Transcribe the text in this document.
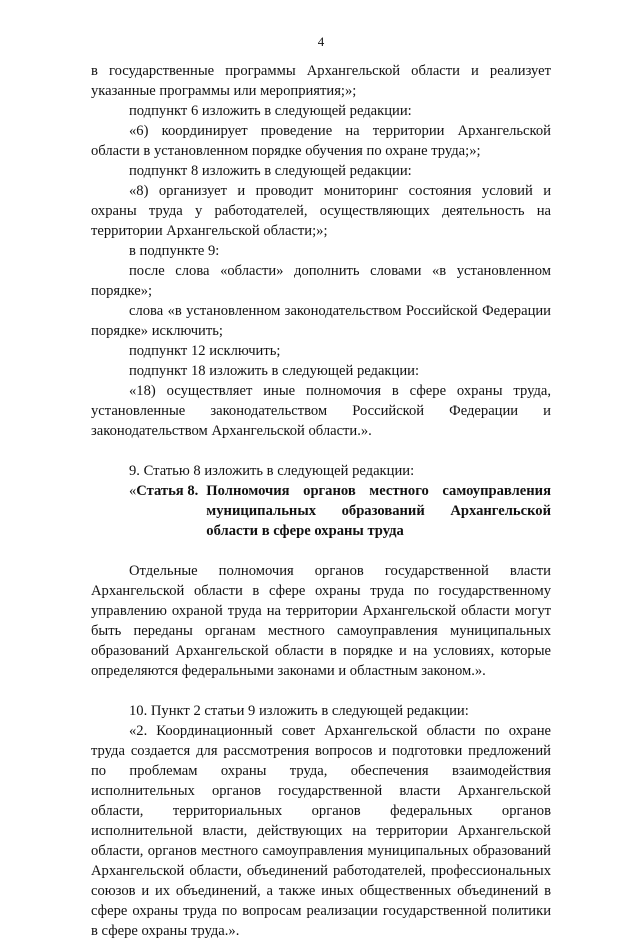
4

в государственные программы Архангельской области и реализует указанные программы или мероприятия;»;

подпункт 6 изложить в следующей редакции:

«6) координирует проведение на территории Архангельской области в установленном порядке обучения по охране труда;»;

подпункт 8 изложить в следующей редакции:

«8) организует и проводит мониторинг состояния условий и охраны труда у работодателей, осуществляющих деятельность на территории Архангельской области;»;

в подпункте 9:

после слова «области» дополнить словами «в установленном порядке»;

слова «в установленном законодательством Российской Федерации порядке» исключить;

подпункт 12 исключить;

подпункт 18 изложить в следующей редакции:

«18) осуществляет иные полномочия в сфере охраны труда, установленные законодательством Российской Федерации и законодательством Архангельской области.».

9. Статью 8 изложить в следующей редакции:

«Статья 8. Полномочия органов местного самоуправления муниципальных образований Архангельской области в сфере охраны труда

Отдельные полномочия органов государственной власти Архангельской области в сфере охраны труда по государственному управлению охраной труда на территории Архангельской области могут быть переданы органам местного самоуправления муниципальных образований Архангельской области в порядке и на условиях, которые определяются федеральными законами и областным законом.».

10. Пункт 2 статьи 9 изложить в следующей редакции:

«2. Координационный совет Архангельской области по охране труда создается для рассмотрения вопросов и подготовки предложений по проблемам охраны труда, обеспечения взаимодействия исполнительных органов государственной власти Архангельской области, территориальных органов федеральных органов исполнительной власти, действующих на территории Архангельской области, органов местного самоуправления муниципальных образований Архангельской области, объединений работодателей, профессиональных союзов и их объединений, а также иных общественных объединений в сфере охраны труда по вопросам реализации государственной политики в сфере охраны труда.».
